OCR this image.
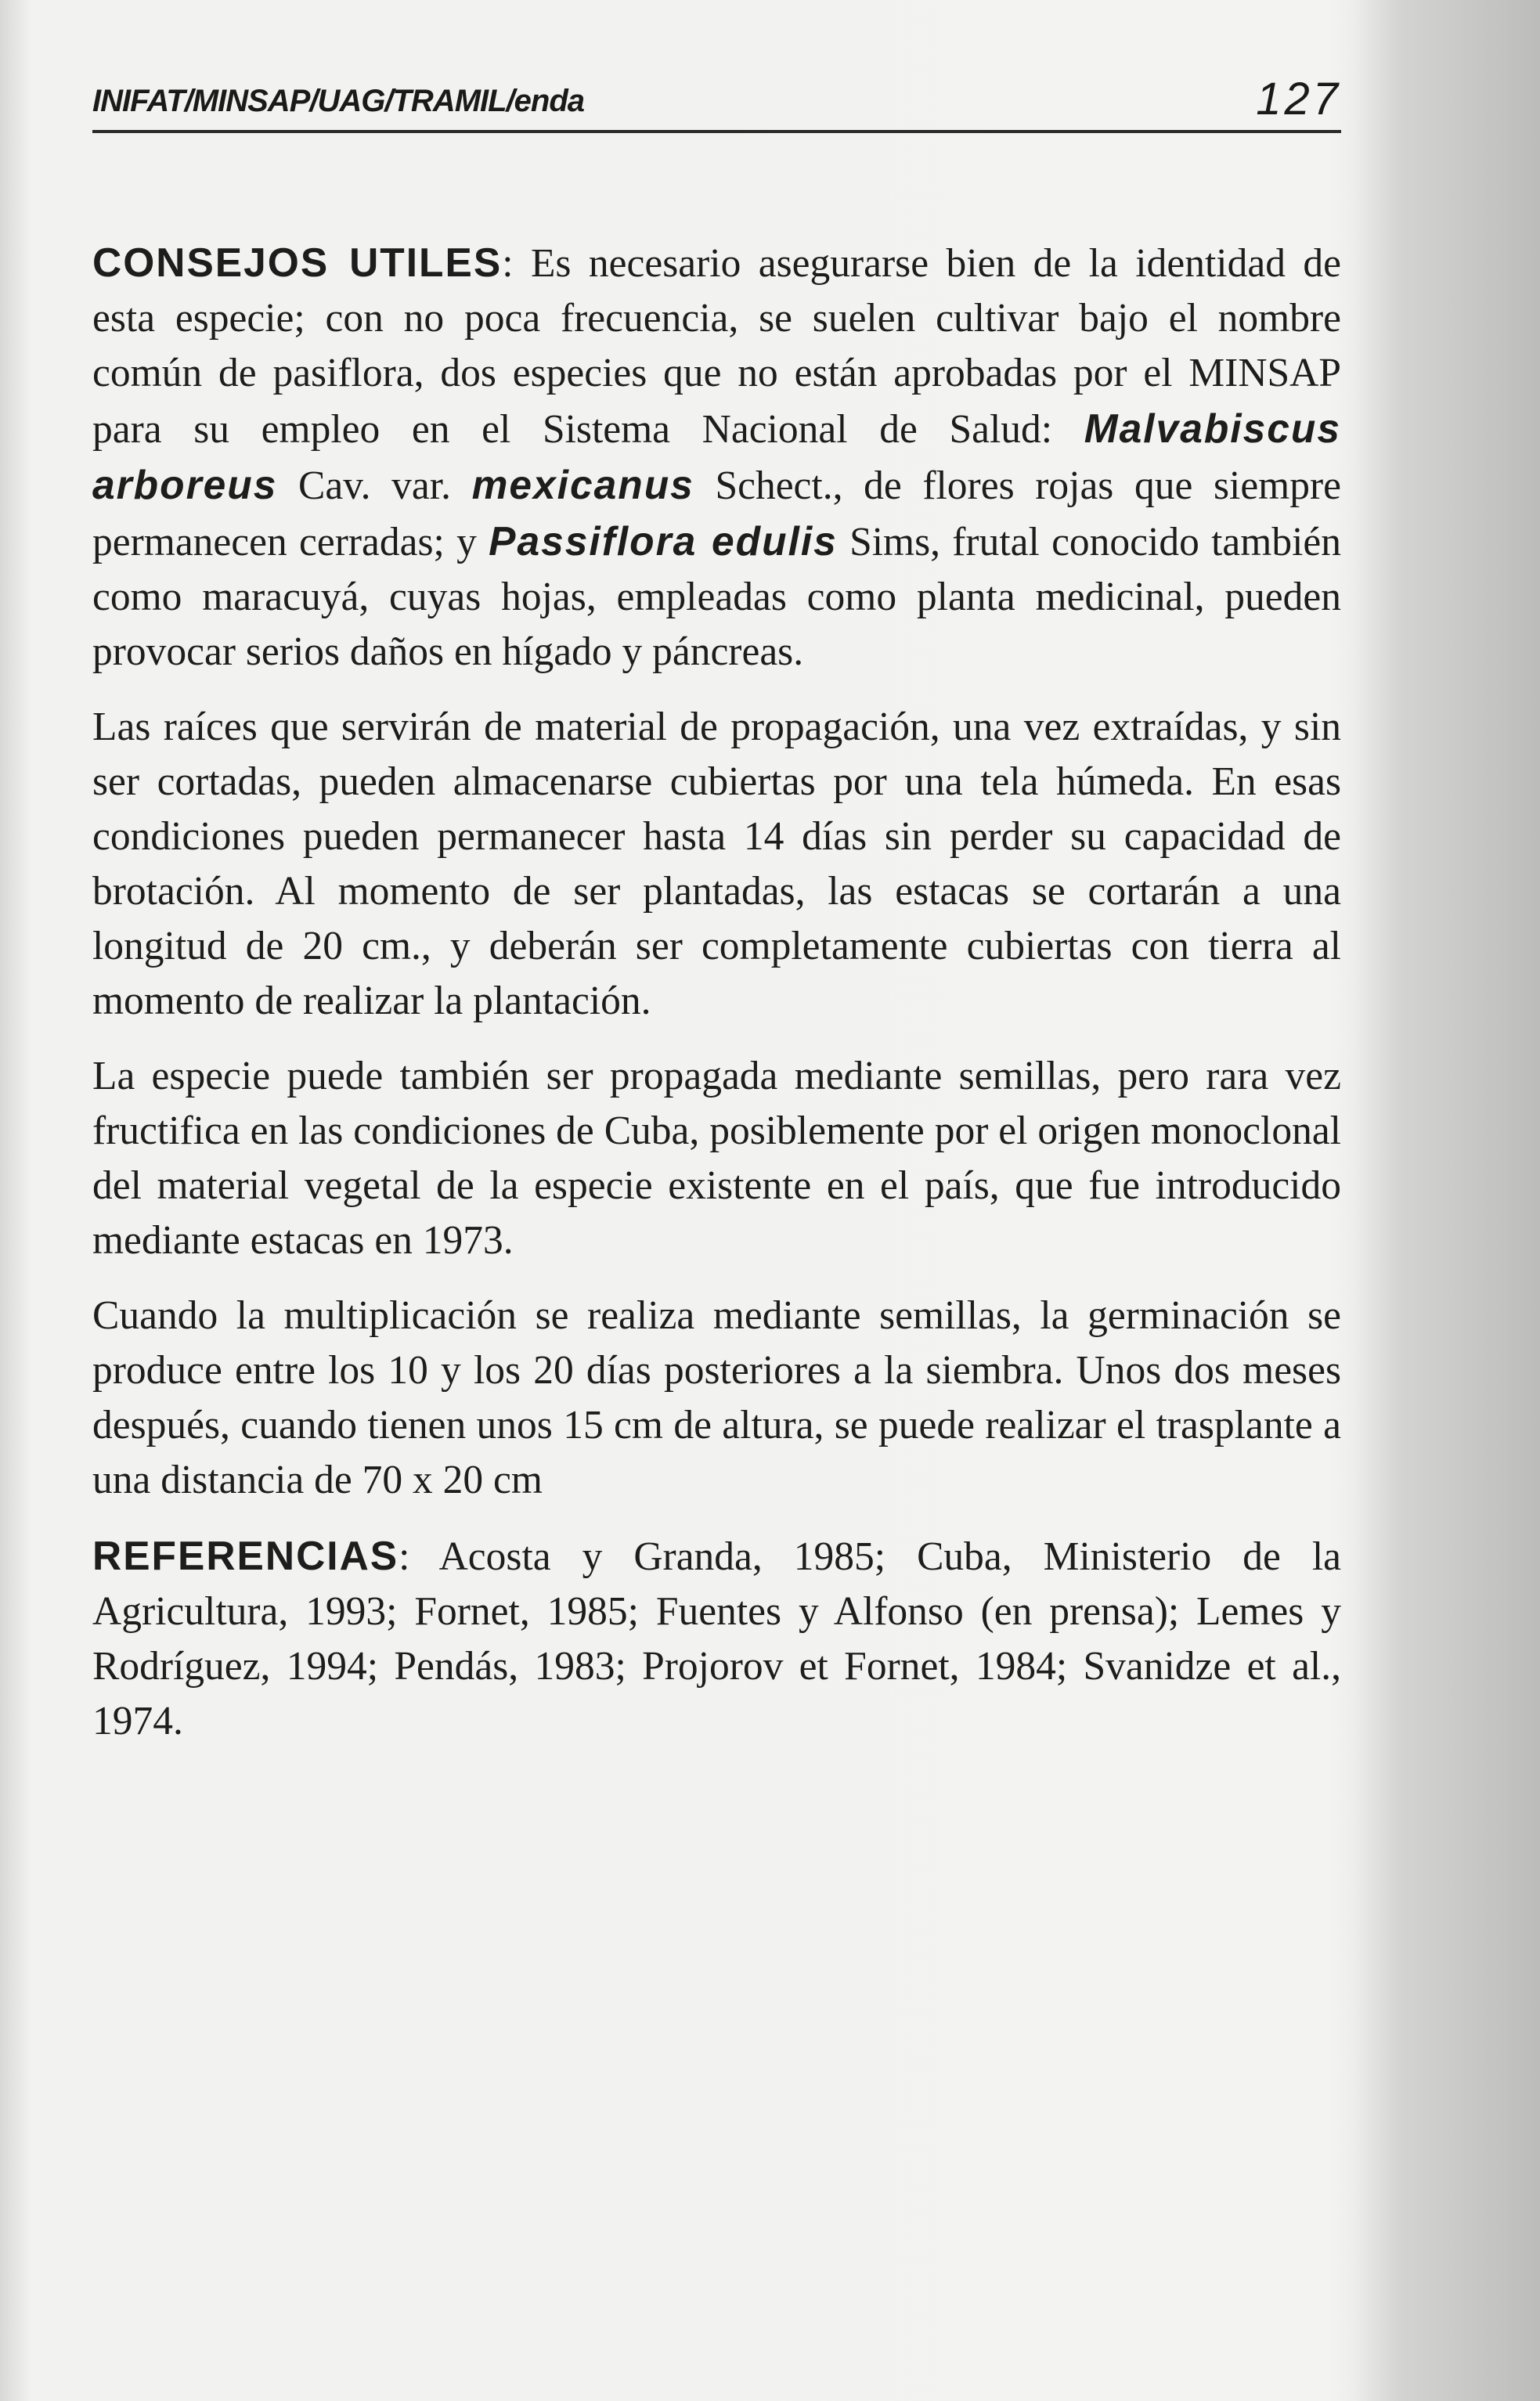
INIFAT/MINSAP/UAG/TRAMIL/enda	127

CONSEJOS UTILES: Es necesario asegurarse bien de la identidad de esta especie; con no poca frecuencia, se suelen cultivar bajo el nombre común de pasiflora, dos especies que no están aprobadas por el MINSAP para su empleo en el Sistema Nacional de Salud: Malvabiscus arboreus Cav. var. mexicanus Schect., de flores rojas que siempre permanecen cerradas; y Passiflora edulis Sims, frutal conocido también como maracuyá, cuyas hojas, empleadas como planta medicinal, pueden provocar serios daños en hígado y páncreas.

Las raíces que servirán de material de propagación, una vez extraídas, y sin ser cortadas, pueden almacenarse cubiertas por una tela húmeda. En esas condiciones pueden permanecer hasta 14 días sin perder su capacidad de brotación. Al momento de ser plantadas, las estacas se cortarán a una longitud de 20 cm., y deberán ser completamente cubiertas con tierra al momento de realizar la plantación.

La especie puede también ser propagada mediante semillas, pero rara vez fructifica en las condiciones de Cuba, posiblemente por el origen monoclonal del material vegetal de la especie existente en el país, que fue introducido mediante estacas en 1973.

Cuando la multiplicación se realiza mediante semillas, la germinación se produce entre los 10 y los 20 días posteriores a la siembra. Unos dos meses después, cuando tienen unos 15 cm de altura, se puede realizar el trasplante a una distancia de 70 x 20 cm

REFERENCIAS: Acosta y Granda, 1985; Cuba, Ministerio de la Agricultura, 1993; Fornet, 1985; Fuentes y Alfonso (en prensa); Lemes y Rodríguez, 1994; Pendás, 1983; Projorov et Fornet, 1984; Svanidze et al., 1974.
